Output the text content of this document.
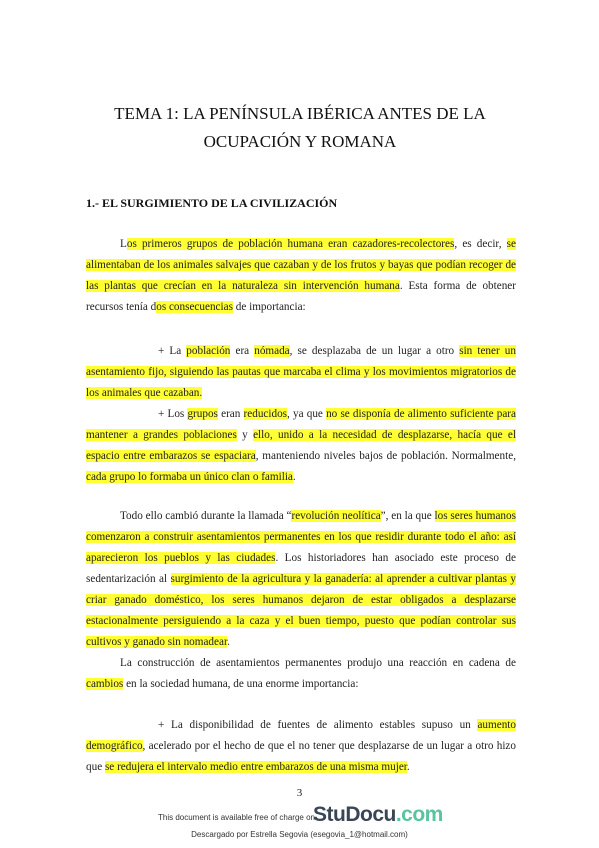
TEMA 1: LA PENÍNSULA IBÉRICA ANTES DE LA
OCUPACIÓN Y ROMANA
1.- EL SURGIMIENTO DE LA CIVILIZACIÓN

Los primeros grupos de población humana eran cazadores-recolectores, es decir, se alimentaban de los animales salvajes que cazaban y de los frutos y bayas que podían recoger de las plantas que crecían en la naturaleza sin intervención humana. Esta forma de obtener recursos tenía dos consecuencias de importancia:

+ La población era nómada, se desplazaba de un lugar a otro sin tener un asentamiento fijo, siguiendo las pautas que marcaba el clima y los movimientos migratorios de los animales que cazaban.

+ Los grupos eran reducidos, ya que no se disponía de alimento suficiente para mantener a grandes poblaciones y ello, unido a la necesidad de desplazarse, hacía que el espacio entre embarazos se espaciara, manteniendo niveles bajos de población. Normalmente, cada grupo lo formaba un único clan o familia.

Todo ello cambió durante la llamada “revolución neolítica”, en la que los seres humanos comenzaron a construir asentamientos permanentes en los que residir durante todo el año: así aparecieron los pueblos y las ciudades. Los historiadores han asociado este proceso de sedentarización al surgimiento de la agricultura y la ganadería: al aprender a cultivar plantas y criar ganado doméstico, los seres humanos dejaron de estar obligados a desplazarse estacionalmente persiguiendo a la caza y el buen tiempo, puesto que podían controlar sus cultivos y ganado sin nomadear.

La construcción de asentamientos permanentes produjo una reacción en cadena de cambios en la sociedad humana, de una enorme importancia:

+ La disponibilidad de fuentes de alimento estables supuso un aumento demográfico, acelerado por el hecho de que el no tener que desplazarse de un lugar a otro hizo que se redujera el intervalo medio entre embarazos de una misma mujer.

3
This document is available free of charge on
StuDocu.com
Descargado por Estrella Segovia (esegovia_1@hotmail.com)
